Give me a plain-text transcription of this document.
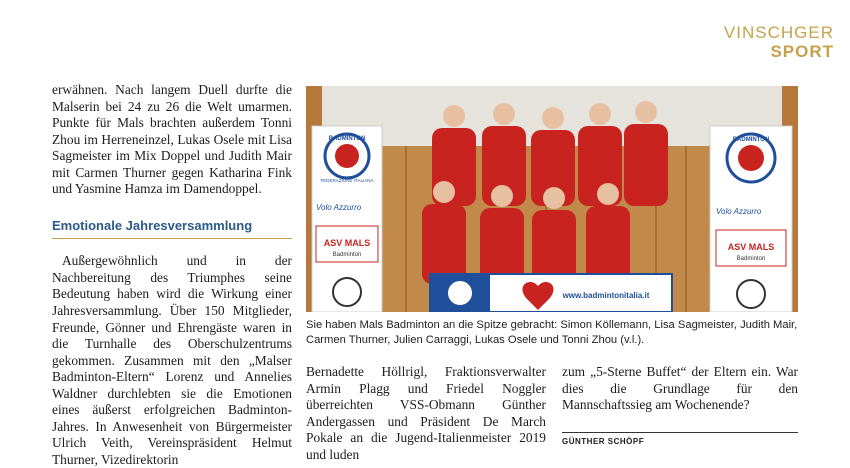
VINSCHGER
SPORT

erwähnen. Nach langem Duell durfte die Malserin bei 24 zu 26 die Welt umarmen. Punkte für Mals brachten außerdem Tonni Zhou im Herreneinzel, Lukas Osele mit Lisa Sagmeister im Mix Doppel und Judith Mair mit Carmen Thurner gegen Katharina Fink und Yasmine Hamza im Damendoppel.

Emotionale Jahresversammlung

Außergewöhnlich und in der Nachbereitung des Triumphes seine Bedeutung haben wird die Wirkung einer Jahresversammlung. Über 150 Mitglieder, Freunde, Gönner und Ehrengäste waren in die Turnhalle des Oberschulzentrums gekommen. Zusammen mit den „Malser Badminton-Eltern“ Lorenz und Annelies Waldner durchlebten sie die Emotionen eines äußerst erfolgreichen Badminton-Jahres. In Anwesenheit von Bürgermeister Ulrich Veith, Vereinspräsident Helmut Thurner, Vizedirektorin

BADMINTON
FEDERAZIONE ITALIANA
Volo Azzurro
ASV MALS
Badminton
BADMINTON
Volo Azzurro
ASV MALS
Badminton
www.badmintonitalia.it
Sie haben Mals Badminton an die Spitze gebracht: Simon Köllemann, Lisa Sagmeister, Judith Mair, Carmen Thurner, Julien Carraggi, Lukas Osele und Tonni Zhou (v.l.).

Bernadette Höllrigl, Fraktionsverwalter Armin Plagg und Friedel Noggler überreichten VSS-Obmann Günther Andergassen und Präsident De March Pokale an die Jugend-Italienmeister 2019 und luden

zum „5-Sterne Buffet“ der Eltern ein. War dies die Grundlage für den Mannschaftssieg am Wochenende?

GÜNTHER SCHÖPF
